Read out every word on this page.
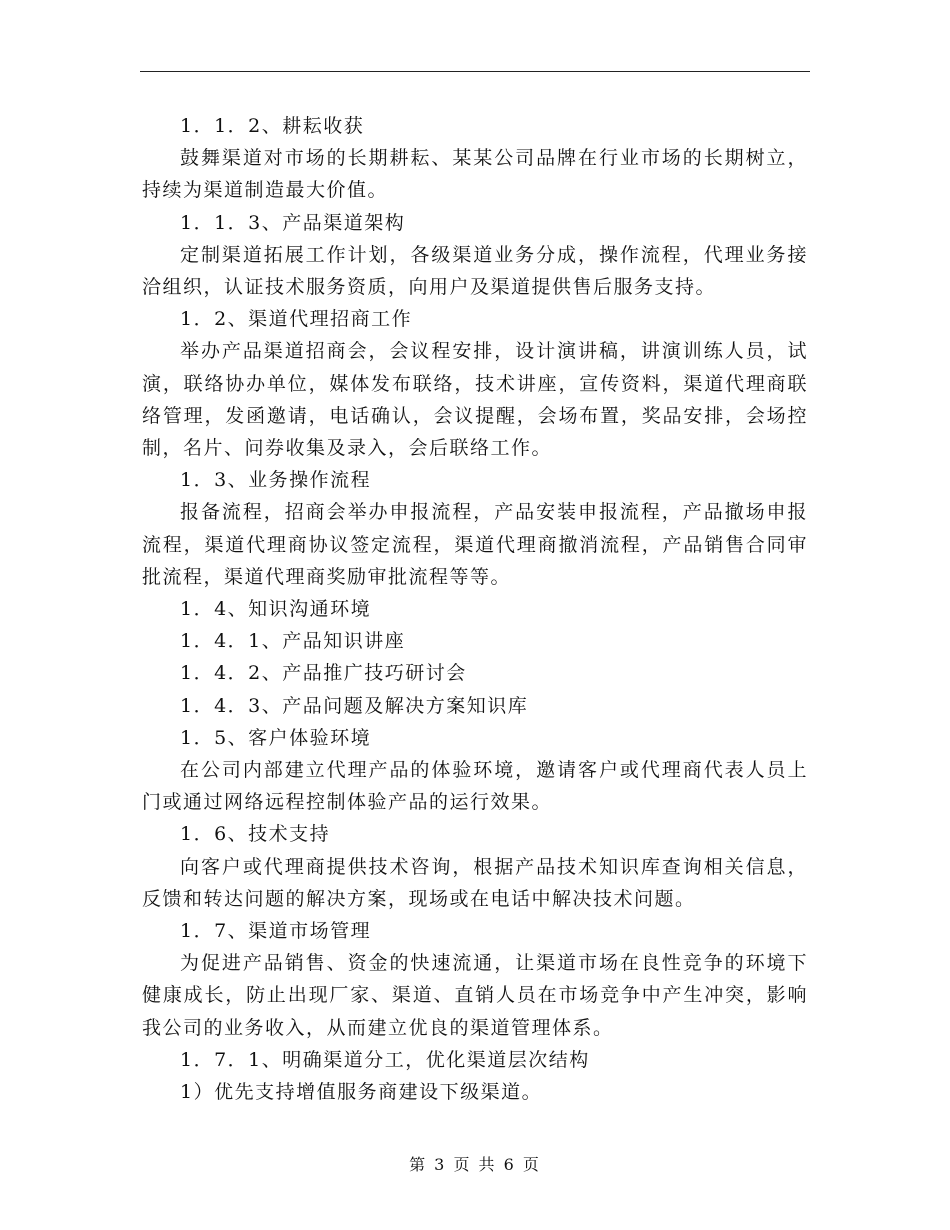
1．1．2、耕耘收获

鼓舞渠道对市场的长期耕耘、某某公司品牌在行业市场的长期树立，持续为渠道制造最大价值。

1．1．3、产品渠道架构

定制渠道拓展工作计划，各级渠道业务分成，操作流程，代理业务接洽组织，认证技术服务资质，向用户及渠道提供售后服务支持。

1．2、渠道代理招商工作

举办产品渠道招商会，会议程安排，设计演讲稿，讲演训练人员，试演，联络协办单位，媒体发布联络，技术讲座，宣传资料，渠道代理商联络管理，发函邀请，电话确认，会议提醒，会场布置，奖品安排，会场控制，名片、问券收集及录入，会后联络工作。

1．3、业务操作流程

报备流程，招商会举办申报流程，产品安装申报流程，产品撤场申报流程，渠道代理商协议签定流程，渠道代理商撤消流程，产品销售合同审批流程，渠道代理商奖励审批流程等等。

1．4、知识沟通环境

1．4．1、产品知识讲座

1．4．2、产品推广技巧研讨会

1．4．3、产品问题及解决方案知识库

1．5、客户体验环境

在公司内部建立代理产品的体验环境，邀请客户或代理商代表人员上门或通过网络远程控制体验产品的运行效果。

1．6、技术支持

向客户或代理商提供技术咨询，根据产品技术知识库查询相关信息，反馈和转达问题的解决方案，现场或在电话中解决技术问题。

1．7、渠道市场管理

为促进产品销售、资金的快速流通，让渠道市场在良性竞争的环境下健康成长，防止出现厂家、渠道、直销人员在市场竞争中产生冲突，影响我公司的业务收入，从而建立优良的渠道管理体系。

1．7．1、明确渠道分工，优化渠道层次结构

1）优先支持增值服务商建设下级渠道。

第 3 页 共 6 页
